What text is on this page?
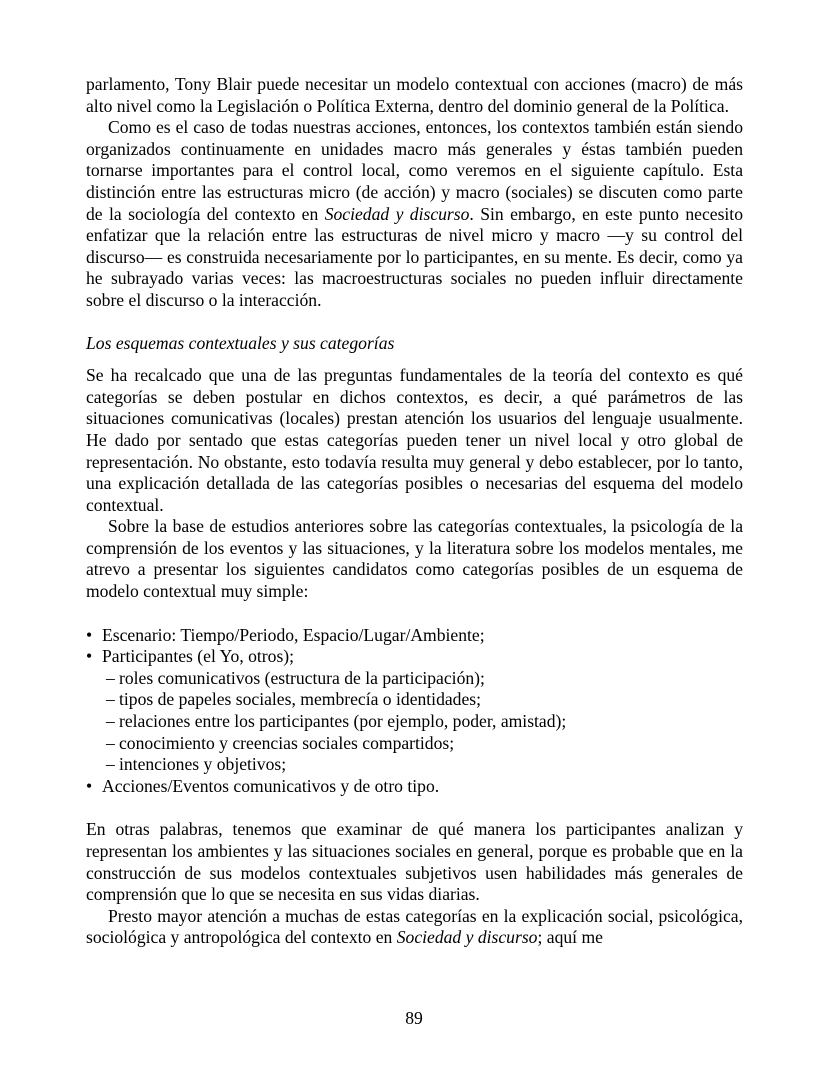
parlamento, Tony Blair puede necesitar un modelo contextual con acciones (macro) de más alto nivel como la Legislación o Política Externa, dentro del dominio general de la Política.

Como es el caso de todas nuestras acciones, entonces, los contextos también están siendo organizados continuamente en unidades macro más generales y éstas también pueden tornarse importantes para el control local, como veremos en el siguiente capítulo. Esta distinción entre las estructuras micro (de acción) y macro (sociales) se discuten como parte de la sociología del contexto en Sociedad y discurso. Sin embargo, en este punto necesito enfatizar que la relación entre las estructuras de nivel micro y macro —y su control del discurso— es construida necesariamente por lo participantes, en su mente. Es decir, como ya he subrayado varias veces: las macroestructuras sociales no pueden influir directamente sobre el discurso o la interacción.

Los esquemas contextuales y sus categorías

Se ha recalcado que una de las preguntas fundamentales de la teoría del contexto es qué categorías se deben postular en dichos contextos, es decir, a qué parámetros de las situaciones comunicativas (locales) prestan atención los usuarios del lenguaje usualmente. He dado por sentado que estas categorías pueden tener un nivel local y otro global de representación. No obstante, esto todavía resulta muy general y debo establecer, por lo tanto, una explicación detallada de las categorías posibles o necesarias del esquema del modelo contextual.

Sobre la base de estudios anteriores sobre las categorías contextuales, la psicología de la comprensión de los eventos y las situaciones, y la literatura sobre los modelos mentales, me atrevo a presentar los siguientes candidatos como categorías posibles de un esquema de modelo contextual muy simple:

• Escenario: Tiempo/Periodo, Espacio/Lugar/Ambiente;
• Participantes (el Yo, otros);
– roles comunicativos (estructura de la participación);
– tipos de papeles sociales, membrecía o identidades;
– relaciones entre los participantes (por ejemplo, poder, amistad);
– conocimiento y creencias sociales compartidos;
– intenciones y objetivos;
• Acciones/Eventos comunicativos y de otro tipo.

En otras palabras, tenemos que examinar de qué manera los participantes analizan y representan los ambientes y las situaciones sociales en general, porque es probable que en la construcción de sus modelos contextuales subjetivos usen habilidades más generales de comprensión que lo que se necesita en sus vidas diarias.

Presto mayor atención a muchas de estas categorías en la explicación social, psicológica, sociológica y antropológica del contexto en Sociedad y discurso; aquí me

89
